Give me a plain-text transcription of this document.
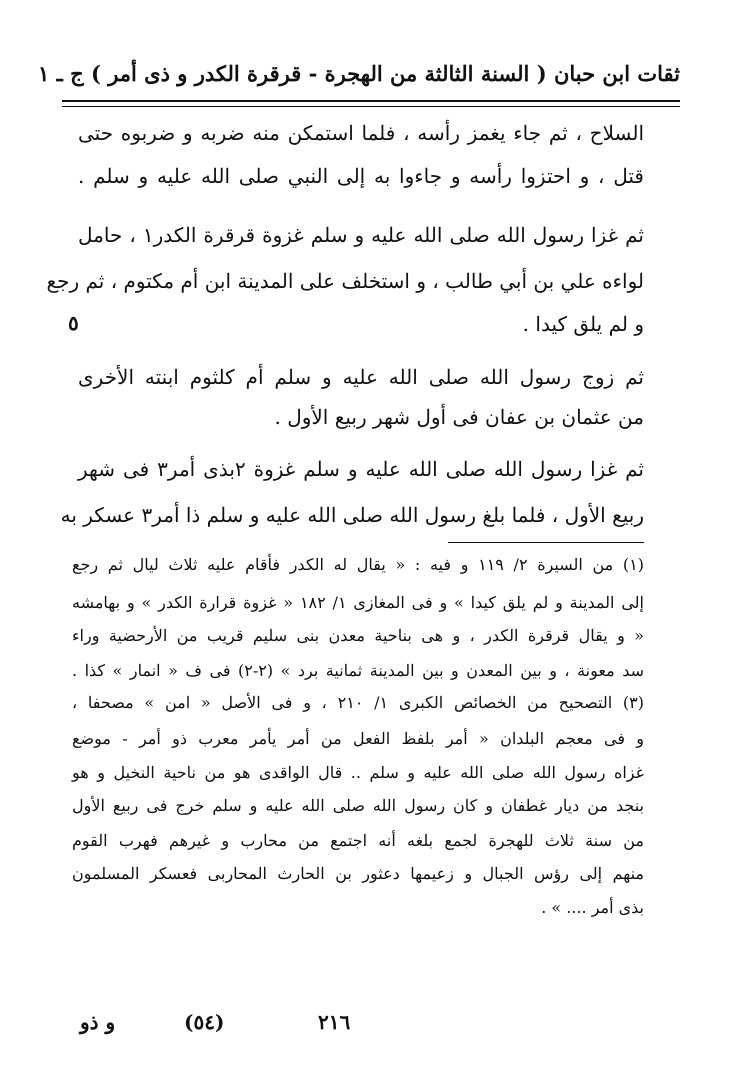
ثقات ابن حبان ( السنة الثالثة من الهجرة - قرقرة الكدر و ذى أمر ) ج ـ ١
السلاح ، ثم جاء يغمز رأسه ، فلما استمكن منه ضربه و ضربوه حتى
قتل ، و احتزوا رأسه و جاءوا به إلى النبي صلى الله عليه و سلم .
ثم غزا رسول الله صلى الله عليه و سلم غزوة قرقرة الكدر١ ، حامل
لواءه علي بن أبي طالب ، و استخلف على المدينة ابن أم مكتوم ، ثم رجع
و لم يلق كيدا .
ثم زوج رسول الله صلى الله عليه و سلم أم كلثوم ابنته الأخرى
من عثمان بن عفان فى أول شهر ربيع الأول .
ثم غزا رسول الله صلى الله عليه و سلم غزوة ٢بذى أمر٣ فى شهر
ربيع الأول ، فلما بلغ رسول الله صلى الله عليه و سلم ذا أمر٣ عسكر به
٥
(١) من السيرة ٢/ ١١٩ و فيه : « يقال له الكدر فأقام عليه ثلاث ليال ثم رجع
إلى المدينة و لم يلق كيدا » و فى المغازى ١/ ١٨٢ « غزوة قرارة الكدر » و بهامشه
« و يقال قرقرة الكدر ، و هى بناحية معدن بنى سليم قريب من الأرحضية وراء
سد معونة ، و بين المعدن و بين المدينة ثمانية برد » (٢-٢) فى ف « انمار » كذا .
(٣) التصحيح من الخصائص الكبرى ١/ ٢١٠ ، و فى الأصل « امن » مصحفا ،
و فى معجم البلدان « أمر بلفظ الفعل من أمر يأمر معرب ذو أمر - موضع
غزاه رسول الله صلى الله عليه و سلم .. قال الواقدى هو من ناحية النخيل و هو
بنجد من ديار غطفان و كان رسول الله صلى الله عليه و سلم خرج فى ربيع الأول
من سنة ثلاث للهجرة لجمع بلغه أنه اجتمع من محارب و غيرهم فهرب القوم
منهم إلى رؤس الجبال و زعيمها دعثور بن الحارث المحاربى فعسكر المسلمون
بذى أمر .... » .
٢١٦
(٥٤)
و ذو
